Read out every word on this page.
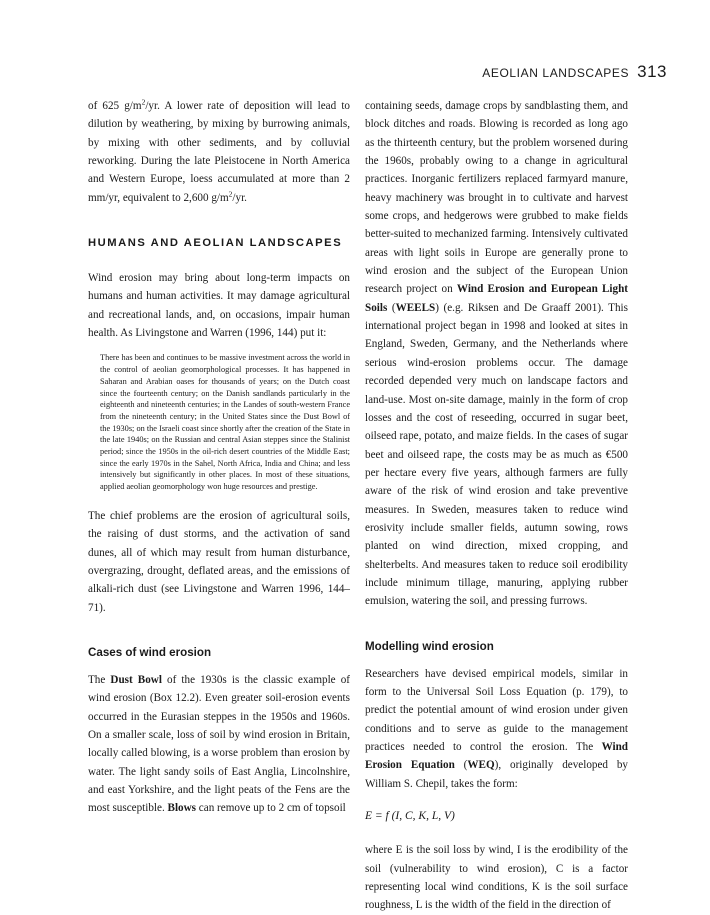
AEOLIAN LANDSCAPES 313

of 625 $g/m^2/yr$. A lower rate of deposition will lead to dilution by weathering, by mixing by burrowing animals, by mixing with other sediments, and by colluvial reworking. During the late Pleistocene in North America and Western Europe, loess accumulated at more than 2 mm/yr, equivalent to 2,600 $g/m^2/yr$.

HUMANS AND AEOLIAN LANDSCAPES

Wind erosion may bring about long-term impacts on humans and human activities. It may damage agricultural and recreational lands, and, on occasions, impair human health. As Livingstone and Warren (1996, 144) put it:

There has been and continues to be massive investment across the world in the control of aeolian geomorphological processes. It has happened in Saharan and Arabian oases for thousands of years; on the Dutch coast since the fourteenth century; on the Danish sandlands particularly in the eighteenth and nineteenth centuries; in the Landes of south-western France from the nineteenth century; in the United States since the Dust Bowl of the 1930s; on the Israeli coast since shortly after the creation of the State in the late 1940s; on the Russian and central Asian steppes since the Stalinist period; since the 1950s in the oil-rich desert countries of the Middle East; since the early 1970s in the Sahel, North Africa, India and China; and less intensively but significantly in other places. In most of these situations, applied aeolian geomorphology won huge resources and prestige.

The chief problems are the erosion of agricultural soils, the raising of dust storms, and the activation of sand dunes, all of which may result from human disturbance, overgrazing, drought, deflated areas, and the emissions of alkali-rich dust (see Livingstone and Warren 1996, 144–71).

Cases of wind erosion

The Dust Bowl of the 1930s is the classic example of wind erosion (Box 12.2). Even greater soil-erosion events occurred in the Eurasian steppes in the 1950s and 1960s. On a smaller scale, loss of soil by wind erosion in Britain, locally called blowing, is a worse problem than erosion by water. The light sandy soils of East Anglia, Lincolnshire, and east Yorkshire, and the light peats of the Fens are the most susceptible. Blows can remove up to 2 cm of topsoil

containing seeds, damage crops by sandblasting them, and block ditches and roads. Blowing is recorded as long ago as the thirteenth century, but the problem worsened during the 1960s, probably owing to a change in agricultural practices. Inorganic fertilizers replaced farmyard manure, heavy machinery was brought in to cultivate and harvest some crops, and hedgerows were grubbed to make fields better-suited to mechanized farming. Intensively cultivated areas with light soils in Europe are generally prone to wind erosion and the subject of the European Union research project on Wind Erosion and European Light Soils (WEELS) (e.g. Riksen and De Graaff 2001). This international project began in 1998 and looked at sites in England, Sweden, Germany, and the Netherlands where serious wind-erosion problems occur. The damage recorded depended very much on landscape factors and land-use. Most on-site damage, mainly in the form of crop losses and the cost of reseeding, occurred in sugar beet, oilseed rape, potato, and maize fields. In the cases of sugar beet and oilseed rape, the costs may be as much as €500 per hectare every five years, although farmers are fully aware of the risk of wind erosion and take preventive measures. In Sweden, measures taken to reduce wind erosivity include smaller fields, autumn sowing, rows planted on wind direction, mixed cropping, and shelterbelts. And measures taken to reduce soil erodibility include minimum tillage, manuring, applying rubber emulsion, watering the soil, and pressing furrows.

Modelling wind erosion

Researchers have devised empirical models, similar in form to the Universal Soil Loss Equation (p. 179), to predict the potential amount of wind erosion under given conditions and to serve as guide to the management practices needed to control the erosion. The Wind Erosion Equation (WEQ), originally developed by William S. Chepil, takes the form:

E = f (I, C, K, L, V)

where E is the soil loss by wind, I is the erodibility of the soil (vulnerability to wind erosion), C is a factor representing local wind conditions, K is the soil surface roughness, L is the width of the field in the direction of
